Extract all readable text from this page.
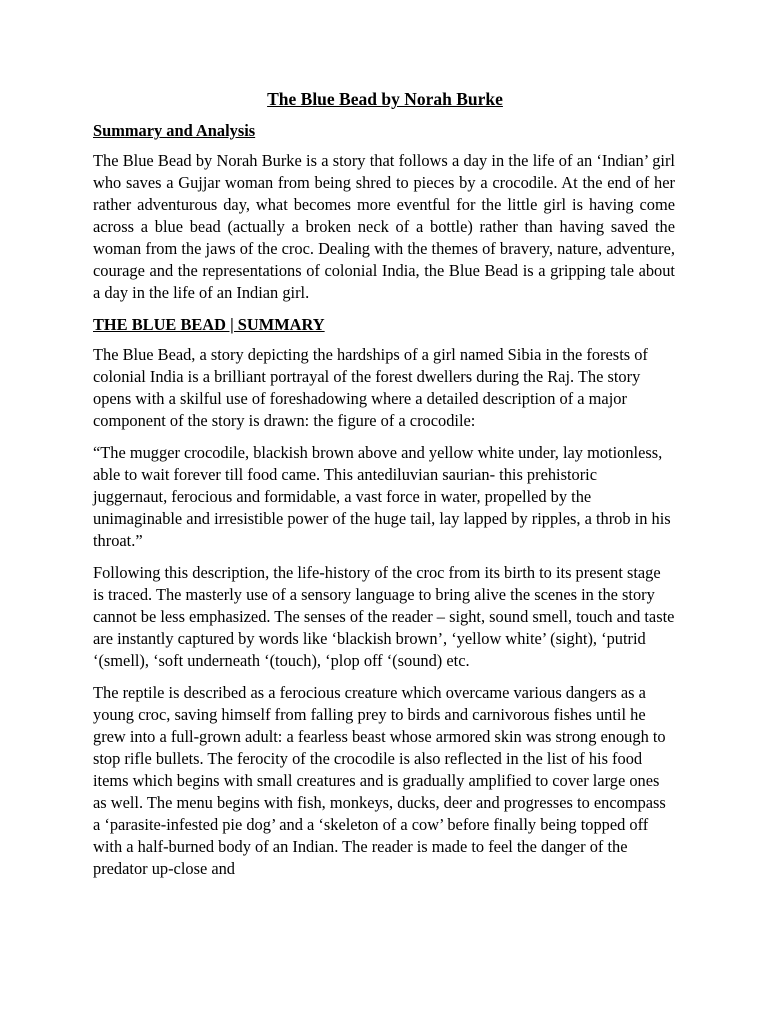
The Blue Bead by Norah Burke
Summary and Analysis

The Blue Bead by Norah Burke is a story that follows a day in the life of an ‘Indian’ girl who saves a Gujjar woman from being shred to pieces by a crocodile. At the end of her rather adventurous day, what becomes more eventful for the little girl is having come across a blue bead (actually a broken neck of a bottle) rather than having saved the woman from the jaws of the croc. Dealing with the themes of bravery, nature, adventure, courage and the representations of colonial India, the Blue Bead is a gripping tale about a day in the life of an Indian girl.

THE BLUE BEAD | SUMMARY

The Blue Bead, a story depicting the hardships of a girl named Sibia in the forests of colonial India is a brilliant portrayal of the forest dwellers during the Raj. The story opens with a skilful use of foreshadowing where a detailed description of a major component of the story is drawn: the figure of a crocodile:

“The mugger crocodile, blackish brown above and yellow white under, lay motionless, able to wait forever till food came. This antediluvian saurian- this prehistoric juggernaut, ferocious and formidable, a vast force in water, propelled by the unimaginable and irresistible power of the huge tail, lay lapped by ripples, a throb in his throat.”

Following this description, the life-history of the croc from its birth to its present stage is traced. The masterly use of a sensory language to bring alive the scenes in the story cannot be less emphasized. The senses of the reader – sight, sound smell, touch and taste are instantly captured by words like ‘blackish brown’, ‘yellow white’ (sight), ‘putrid ‘(smell), ‘soft underneath ‘(touch), ‘plop off ‘(sound) etc.

The reptile is described as a ferocious creature which overcame various dangers as a young croc, saving himself from falling prey to birds and carnivorous fishes until he grew into a full-grown adult: a fearless beast whose armored skin was strong enough to stop rifle bullets. The ferocity of the crocodile is also reflected in the list of his food items which begins with small creatures and is gradually amplified to cover large ones as well. The menu begins with fish, monkeys, ducks, deer and progresses to encompass a ‘parasite-infested pie dog’ and a ‘skeleton of a cow’ before finally being topped off with a half-burned body of an Indian. The reader is made to feel the danger of the predator up-close and
